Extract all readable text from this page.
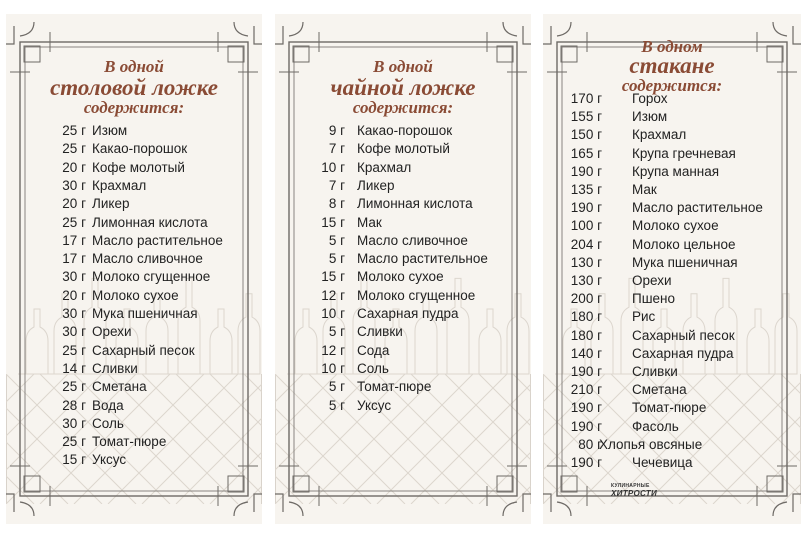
В одной
столовой ложке
содержится:
25 г Изюм
25 г Какао-порошок
20 г Кофе молотый
30 г Крахмал
20 г Ликер
25 г Лимонная кислота
17 г Масло растительное
17 г Масло сливочное
30 г Молоко сгущенное
20 г Молоко сухое
30 г Мука пшеничная
30 г Орехи
25 г Сахарный песок
14 г Сливки
25 г Сметана
28 г Вода
30 г Соль
25 г Томат-пюре
15 г Уксус
В одной
чайной ложке
содержится:
9 г Какао-порошок
7 г Кофе молотый
10 г Крахмал
7 г Ликер
8 г Лимонная кислота
15 г Мак
5 г Масло сливочное
5 г Масло растительное
15 г Молоко сухое
12 г Молоко сгущенное
10 г Сахарная пудра
5 г Сливки
12 г Сода
10 г Соль
5 г Томат-пюре
5 г Уксус
В одном
стакане
содержится:
170 г Горох
155 г Изюм
150 г Крахмал
165 г Крупа гречневая
190 г Крупа манная
135 г Мак
190 г Масло растительное
100 г Молоко сухое
204 г Молоко цельное
130 г Мука пшеничная
130 г Орехи
200 г Пшено
180 г Рис
180 г Сахарный песок
140 г Сахарная пудра
190 г Сливки
210 г Сметана
190 г Томат-пюре
190 г Фасоль
80 г
Хлопья овсяные
190 г Чечевица
КУЛИНАРНЫЕ
ХИТРОСТИ
